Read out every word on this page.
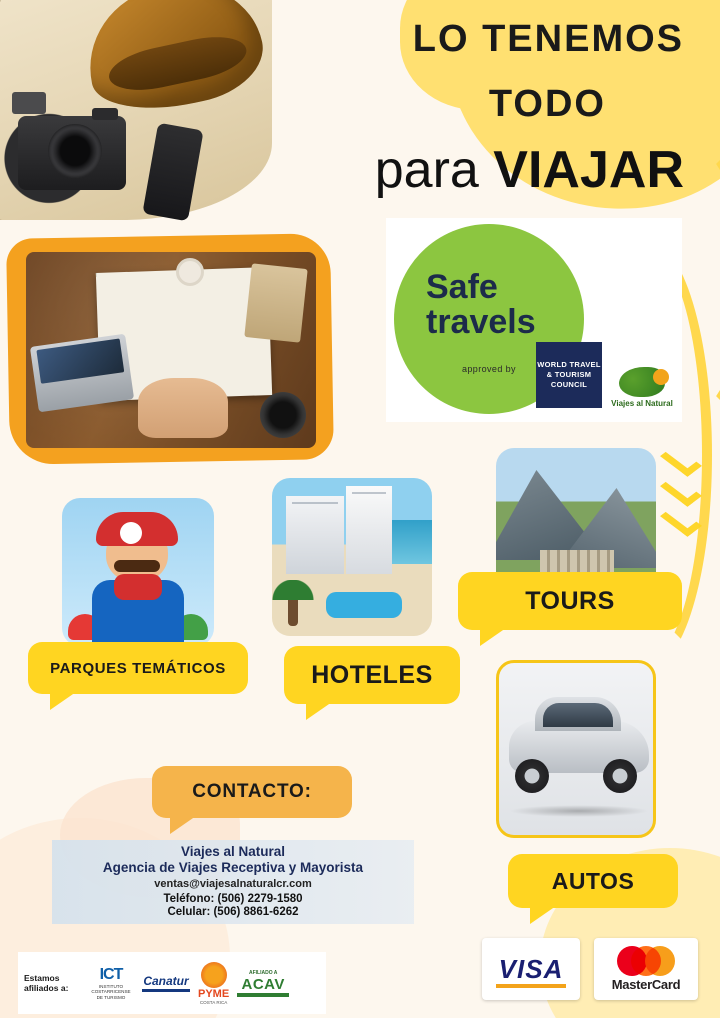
LO TENEMOS
TODO
para VIAJAR
Safe
travels
approved by	WORLD TRAVEL & TOURISM COUNCIL
Viajes al Natural
PARQUES TEMÁTICOS	HOTELES
TOURS
AUTOS
CONTACTO:
Viajes al Natural
Agencia de Viajes Receptiva y Mayorista
ventas@viajesalnaturalcr.com
Teléfono: (506) 2279-1580
Celular: (506) 8861-6262
Estamos afiliados a:
ICT
INSTITUTO COSTARRICENSE DE TURISMO
Canatur
PYME
COSTA RICA
AFILIADO A
ACAV
VISA
MasterCard
